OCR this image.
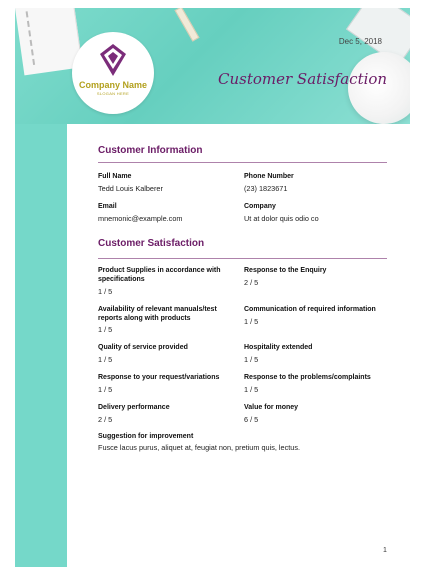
Company Name
SLOGAN HERE
Dec 5, 2018
Customer Satisfaction
Customer Information
Full Name
Tedd Louis Kalberer
Phone Number
(23) 1823671
Email
mnemonic@example.com
Company
Ut at dolor quis odio co
Customer Satisfaction
Product Supplies in accordance with specifications
1 / 5
Response to the Enquiry
2 / 5
Availability of relevant manuals/test reports along with products
1 / 5
Communication of required information
1 / 5
Quality of service provided
1 / 5
Hospitality extended
1 / 5
Response to your request/variations
1 / 5
Response to the problems/complaints
1 / 5
Delivery performance
2 / 5
Value for money
6 / 5
Suggestion for improvement
Fusce lacus purus, aliquet at, feugiat non, pretium quis, lectus.
1
